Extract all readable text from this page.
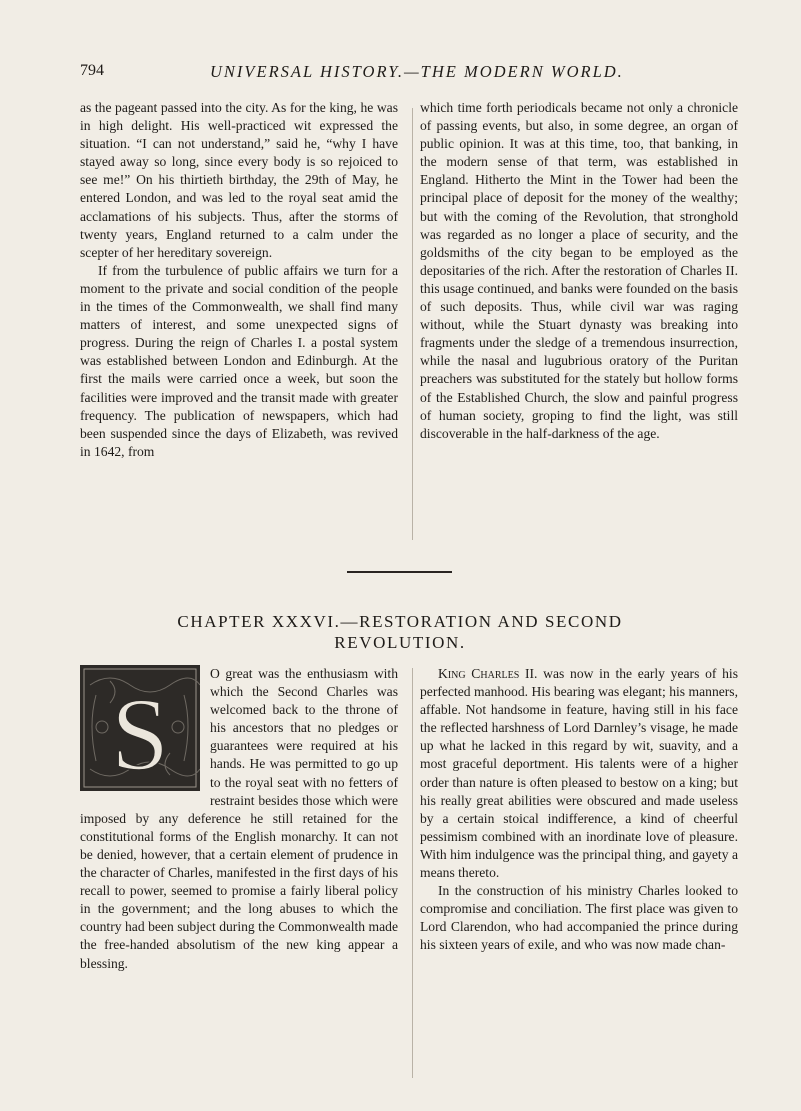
794	UNIVERSAL HISTORY.—THE MODERN WORLD.

as the pageant passed into the city. As for the king, he was in high delight. His well-practiced wit expressed the situation. “I can not understand,” said he, “why I have stayed away so long, since every body is so rejoiced to see me!” On his thirtieth birthday, the 29th of May, he entered London, and was led to the royal seat amid the acclamations of his subjects. Thus, after the storms of twenty years, England returned to a calm under the scepter of her hereditary sovereign.

If from the turbulence of public affairs we turn for a moment to the private and social condition of the people in the times of the Commonwealth, we shall find many matters of interest, and some unexpected signs of progress. During the reign of Charles I. a postal system was established between London and Edinburgh. At the first the mails were carried once a week, but soon the facilities were improved and the transit made with greater frequency. The publication of newspapers, which had been suspended since the days of Elizabeth, was revived in 1642, from

which time forth periodicals became not only a chronicle of passing events, but also, in some degree, an organ of public opinion. It was at this time, too, that banking, in the modern sense of that term, was established in England. Hitherto the Mint in the Tower had been the principal place of deposit for the money of the wealthy; but with the coming of the Revolution, that stronghold was regarded as no longer a place of security, and the goldsmiths of the city began to be employed as the depositaries of the rich. After the restoration of Charles II. this usage continued, and banks were founded on the basis of such deposits. Thus, while civil war was raging without, while the Stuart dynasty was breaking into fragments under the sledge of a tremendous insurrection, while the nasal and lugubrious oratory of the Puritan preachers was substituted for the stately but hollow forms of the Established Church, the slow and painful progress of human society, groping to find the light, was still discoverable in the half-darkness of the age.

CHAPTER XXXVI.—RESTORATION AND SECOND
REVOLUTION.
S

O great was the enthusiasm with which the Second Charles was welcomed back to the throne of his ancestors that no pledges or guarantees were required at his hands. He was permitted to go up to the royal seat with no fetters of restraint besides those which were imposed by any deference he still retained for the constitutional forms of the English monarchy. It can not be denied, however, that a certain element of prudence in the character of Charles, manifested in the first days of his recall to power, seemed to promise a fairly liberal policy in the government; and the long abuses to which the country had been subject during the Commonwealth made the free-handed absolutism of the new king appear a blessing.

King Charles II. was now in the early years of his perfected manhood. His bearing was elegant; his manners, affable. Not handsome in feature, having still in his face the reflected harshness of Lord Darnley’s visage, he made up what he lacked in this regard by wit, suavity, and a most graceful deportment. His talents were of a higher order than nature is often pleased to bestow on a king; but his really great abilities were obscured and made useless by a certain stoical indifference, a kind of cheerful pessimism combined with an inordinate love of pleasure. With him indulgence was the principal thing, and gayety a means thereto.

In the construction of his ministry Charles looked to compromise and conciliation. The first place was given to Lord Clarendon, who had accompanied the prince during his sixteen years of exile, and who was now made chan-
